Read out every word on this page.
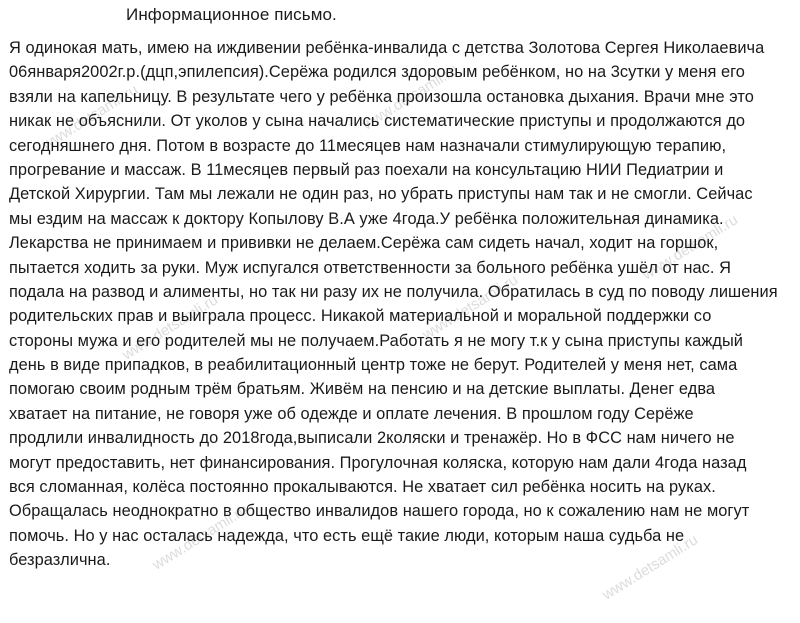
www.detsamli.ru
www.detsamli.ru
www.detsamli.ru
www.detsamli.ru
www.detsamli.ru
www.detsamli.ru
www.detsamli.ru
Информационное письмо.
Я одинокая мать, имею на иждивении ребёнка-инвалида с детства Золотова Сергея Николаевича
06января2002г.р.(дцп,эпилепсия).Серёжа родился здоровым ребёнком, но на 3сутки у меня его
взяли на капельницу. В результате чего у ребёнка произошла остановка дыхания. Врачи мне это
никак не объяснили. От уколов у сына начались систематические приступы и продолжаются до
сегодняшнего дня. Потом в возрасте до 11месяцев нам назначали стимулирующую терапию,
прогревание и массаж. В 11месяцев первый раз поехали на консультацию НИИ Педиатрии и
Детской Хирургии. Там мы лежали не один раз, но убрать приступы нам так и не смогли. Сейчас
мы ездим на массаж к доктору Копылову В.А уже 4года.У ребёнка положительная динамика.
Лекарства не принимаем и прививки не делаем.Серёжа сам сидеть начал, ходит на горшок,
пытается ходить за руки. Муж испугался ответственности за больного ребёнка ушёл от нас. Я
подала на развод и алименты, но так ни разу их не получила. Обратилась в суд по поводу лишения
родительских прав и выиграла процесс. Никакой материальной и моральной поддержки со
стороны мужа и его родителей мы не получаем.Работать я не могу т.к у сына приступы каждый
день в виде припадков, в реабилитационный центр тоже не берут. Родителей у меня нет, сама
помогаю своим родным трём братьям. Живём на пенсию и на детские выплаты. Денег едва
хватает на питание, не говоря уже об одежде и оплате лечения. В прошлом году Серёже
продлили инвалидность до 2018года,выписали 2коляски и тренажёр. Но в ФСС нам ничего не
могут предоставить, нет финансирования. Прогулочная коляска, которую нам дали 4года назад
вся сломанная, колёса постоянно прокалываются. Не хватает сил ребёнка носить на руках.
Обращалась неоднократно в общество инвалидов нашего города, но к сожалению нам не могут
помочь. Но у нас осталась надежда, что есть ещё такие люди, которым наша судьба не
безразлична.
